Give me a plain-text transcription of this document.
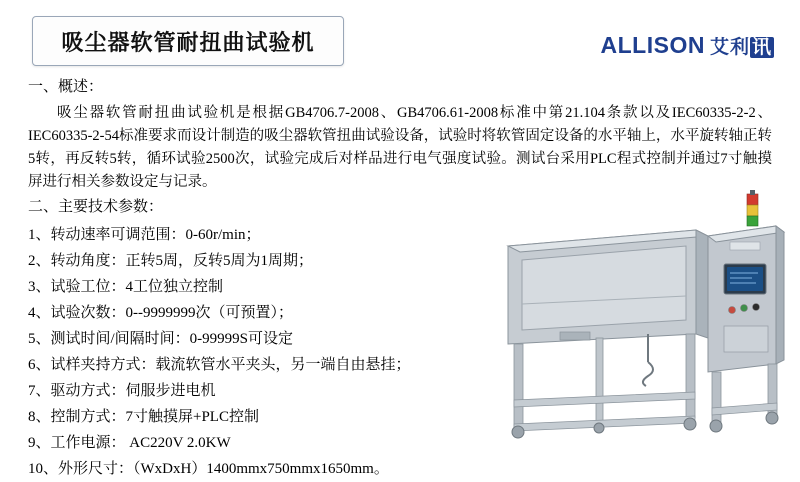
吸尘器软管耐扭曲试验机	ALLISON 艾利 讯

一、概述：

吸尘器软管耐扭曲试验机是根据GB4706.7-2008、GB4706.61-2008标准中第21.104条款以及IEC60335-2-2、IEC60335-2-54标准要求而设计制造的吸尘器软管扭曲试验设备，试验时将软管固定设备的水平轴上，水平旋转轴正转5转，再反转5转，循环试验2500次，试验完成后对样品进行电气强度试验。测试台采用PLC程式控制并通过7寸触摸屏进行相关参数设定与记录。

二、主要技术参数：

1、转动速率可调范围：0-60r/min；
2、转动角度：正转5周，反转5周为1周期；
3、试验工位：4工位独立控制
4、试验次数：0--9999999次（可预置）；
5、测试时间/间隔时间：0-99999S可设定
6、试样夹持方式：载流软管水平夹头，另一端自由悬挂；
7、驱动方式：伺服步进电机
8、控制方式：7寸触摸屏+PLC控制
9、工作电源： AC220V 2.0KW
10、外形尺寸：（WxDxH）1400mmx750mmx1650mm。
